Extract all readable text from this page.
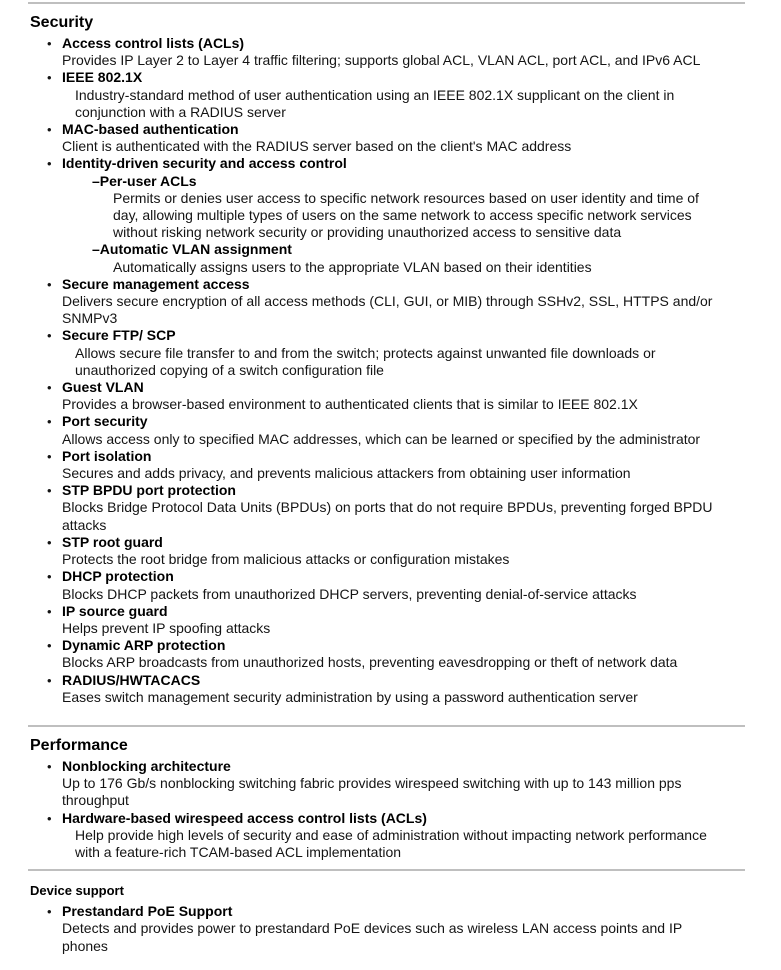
Security
• Access control lists (ACLs)
Provides IP Layer 2 to Layer 4 traffic filtering; supports global ACL, VLAN ACL, port ACL, and IPv6 ACL
• IEEE 802.1X
Industry-standard method of user authentication using an IEEE 802.1X supplicant on the client in
conjunction with a RADIUS server
• MAC-based authentication
Client is authenticated with the RADIUS server based on the client's MAC address
• Identity-driven security and access control
– Per-user ACLs
Permits or denies user access to specific network resources based on user identity and time of
day, allowing multiple types of users on the same network to access specific network services
without risking network security or providing unauthorized access to sensitive data
– Automatic VLAN assignment
Automatically assigns users to the appropriate VLAN based on their identities
• Secure management access
Delivers secure encryption of all access methods (CLI, GUI, or MIB) through SSHv2, SSL, HTTPS and/or
SNMPv3
• Secure FTP/ SCP
Allows secure file transfer to and from the switch; protects against unwanted file downloads or
unauthorized copying of a switch configuration file
• Guest VLAN
Provides a browser-based environment to authenticated clients that is similar to IEEE 802.1X
• Port security
Allows access only to specified MAC addresses, which can be learned or specified by the administrator
• Port isolation
Secures and adds privacy, and prevents malicious attackers from obtaining user information
• STP BPDU port protection
Blocks Bridge Protocol Data Units (BPDUs) on ports that do not require BPDUs, preventing forged BPDU
attacks
• STP root guard
Protects the root bridge from malicious attacks or configuration mistakes
• DHCP protection
Blocks DHCP packets from unauthorized DHCP servers, preventing denial-of-service attacks
• IP source guard
Helps prevent IP spoofing attacks
• Dynamic ARP protection
Blocks ARP broadcasts from unauthorized hosts, preventing eavesdropping or theft of network data
• RADIUS/HWTACACS
Eases switch management security administration by using a password authentication server
Performance
• Nonblocking architecture
Up to 176 Gb/s nonblocking switching fabric provides wirespeed switching with up to 143 million pps
throughput
• Hardware-based wirespeed access control lists (ACLs)
Help provide high levels of security and ease of administration without impacting network performance
with a feature-rich TCAM-based ACL implementation
Device support
• Prestandard PoE Support
Detects and provides power to prestandard PoE devices such as wireless LAN access points and IP
phones
